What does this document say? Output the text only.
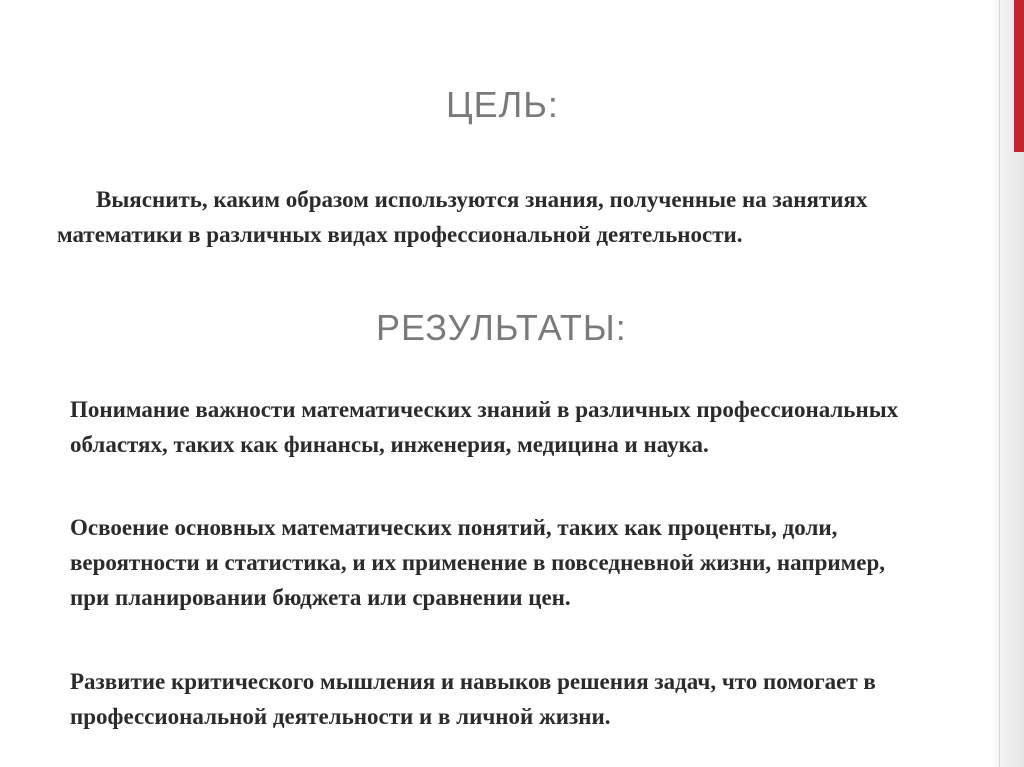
ЦЕЛЬ:

Выяснить, каким образом используются знания, полученные на занятиях математики в различных видах профессиональной деятельности.

РЕЗУЛЬТАТЫ:

Понимание важности математических знаний в различных профессиональных областях, таких как финансы, инженерия, медицина и наука.

Освоение основных математических понятий, таких как проценты, доли, вероятности и статистика, и их применение в повседневной жизни, например, при планировании бюджета или сравнении цен.

Развитие критического мышления и навыков решения задач, что помогает в профессиональной деятельности и в личной жизни.
